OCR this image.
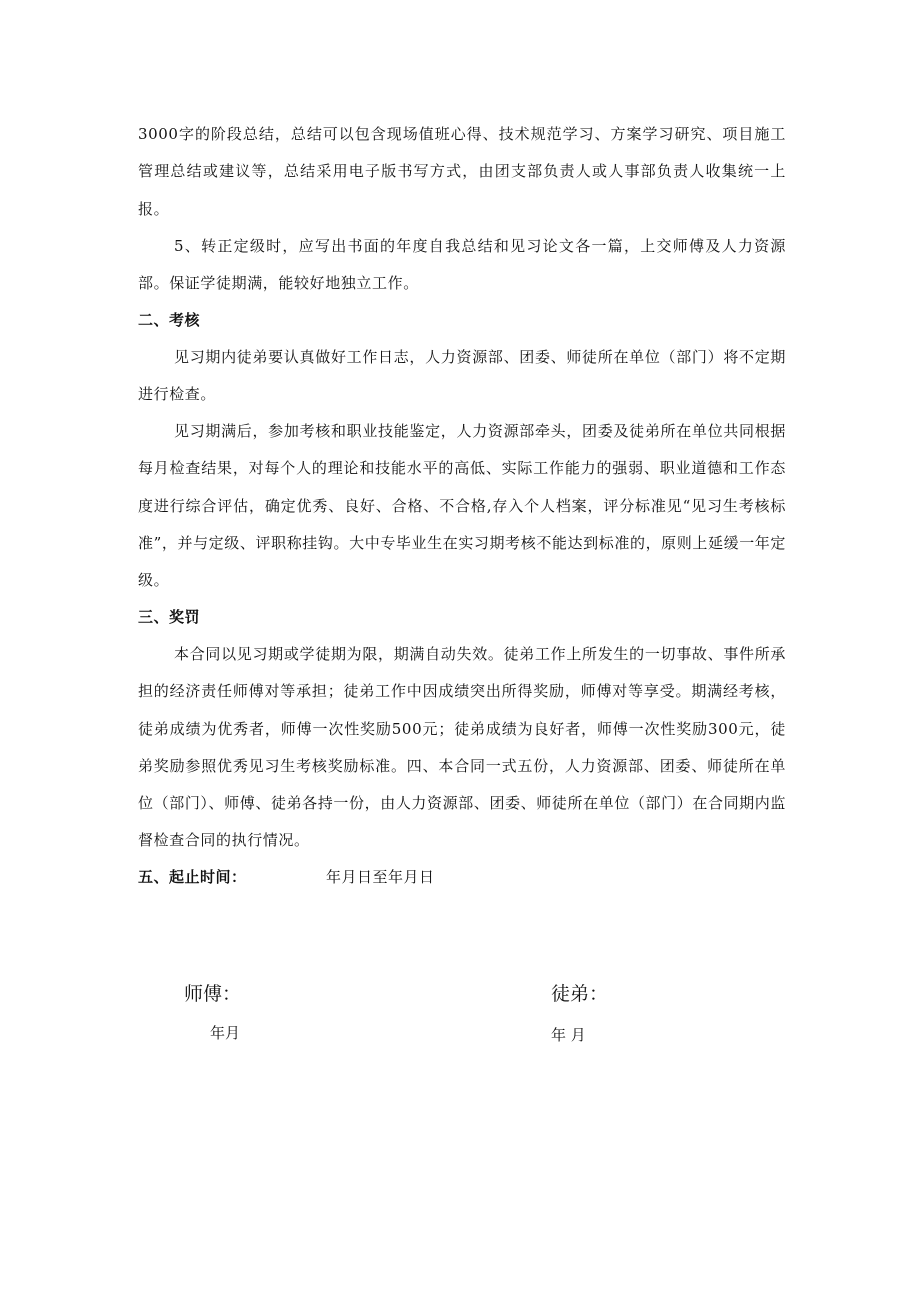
3000字的阶段总结，总结可以包含现场值班心得、技术规范学习、方案学习研究、项目施工管理总结或建议等，总结采用电子版书写方式，由团支部负责人或人事部负责人收集统一上报。

5、转正定级时，应写出书面的年度自我总结和见习论文各一篇，上交师傅及人力资源部。保证学徒期满，能较好地独立工作。

二、考核

见习期内徒弟要认真做好工作日志，人力资源部、团委、师徒所在单位（部门）将不定期进行检查。

见习期满后，参加考核和职业技能鉴定，人力资源部牵头，团委及徒弟所在单位共同根据每月检查结果，对每个人的理论和技能水平的高低、实际工作能力的强弱、职业道德和工作态度进行综合评估，确定优秀、良好、合格、不合格,存入个人档案，评分标准见“见习生考核标准”，并与定级、评职称挂钩。大中专毕业生在实习期考核不能达到标准的，原则上延缓一年定级。

三、奖罚

本合同以见习期或学徒期为限，期满自动失效。徒弟工作上所发生的一切事故、事件所承担的经济责任师傅对等承担；徒弟工作中因成绩突出所得奖励，师傅对等享受。期满经考核，徒弟成绩为优秀者，师傅一次性奖励500元；徒弟成绩为良好者，师傅一次性奖励300元，徒弟奖励参照优秀见习生考核奖励标准。四、本合同一式五份，人力资源部、团委、师徒所在单位（部门）、师傅、徒弟各持一份，由人力资源部、团委、师徒所在单位（部门）在合同期内监督检查合同的执行情况。

五、起止时间：	年月日至年月日
师傅：
年月
徒弟：
年 月
